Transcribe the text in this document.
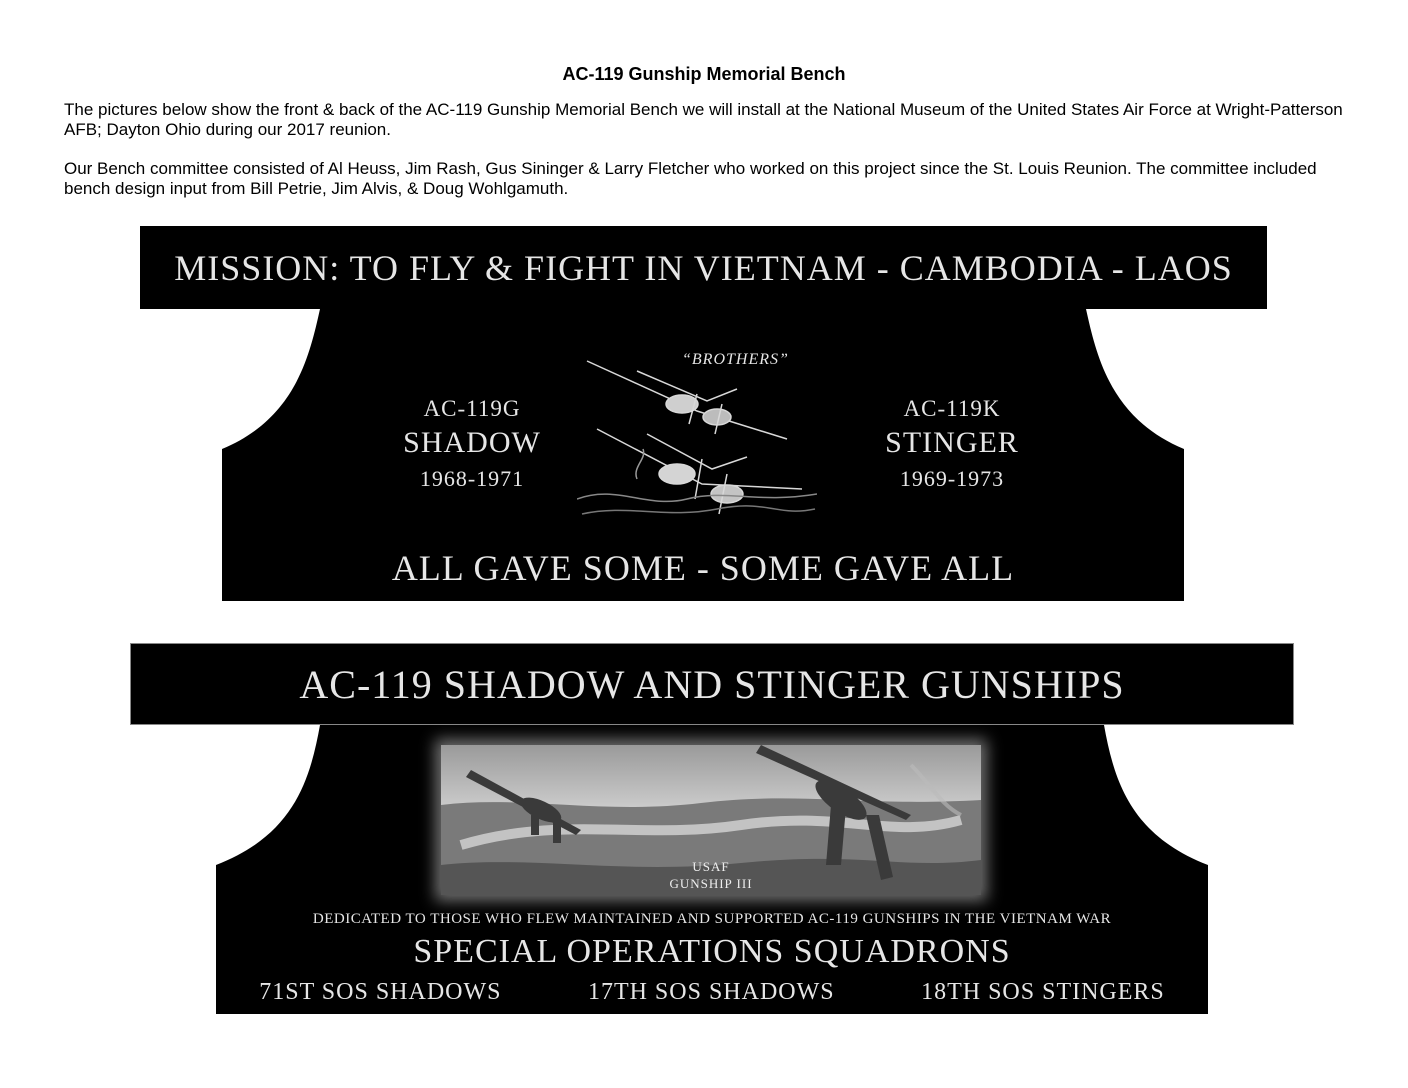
AC-119 Gunship Memorial Bench
The pictures below show the front & back of the AC-119 Gunship Memorial Bench we will install at the National Museum of the United States Air Force at Wright-Patterson AFB; Dayton Ohio during our 2017 reunion.
Our Bench committee consisted of Al Heuss, Jim Rash, Gus Sininger & Larry Fletcher who worked on this project since the St. Louis Reunion. The committee included bench design input from Bill Petrie, Jim Alvis, & Doug Wohlgamuth.
MISSION: TO FLY & FIGHT IN VIETNAM - CAMBODIA - LAOS
AC-119G
SHADOW
1968-1971
“BROTHERS”
AC-119K
STINGER
1969-1973
ALL GAVE SOME - SOME GAVE ALL
AC-119 SHADOW AND STINGER GUNSHIPS
USAF
GUNSHIP III
DEDICATED TO THOSE WHO FLEW MAINTAINED AND SUPPORTED AC-119 GUNSHIPS IN THE VIETNAM WAR
SPECIAL OPERATIONS SQUADRONS
71ST SOS SHADOWS	17TH SOS SHADOWS	18TH SOS STINGERS
